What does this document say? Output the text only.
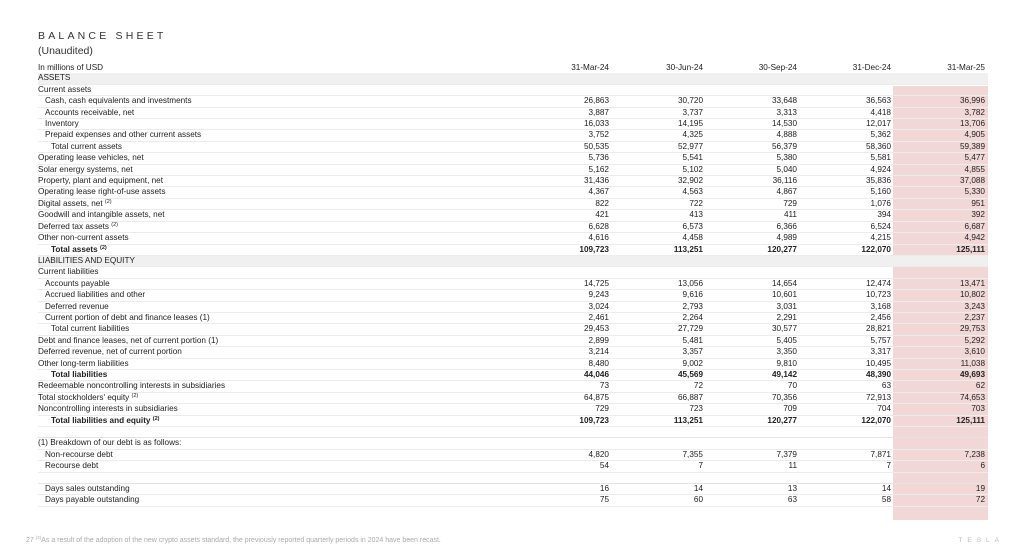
BALANCE SHEET
(Unaudited)
In millions of USD	31-Mar-24	30-Jun-24	30-Sep-24	31-Dec-24	31-Mar-25
ASSETS					
Current assets					
Cash, cash equivalents and investments	26,863	30,720	33,648	36,563	36,996
Accounts receivable, net	3,887	3,737	3,313	4,418	3,782
Inventory	16,033	14,195	14,530	12,017	13,706
Prepaid expenses and other current assets	3,752	4,325	4,888	5,362	4,905
Total current assets	50,535	52,977	56,379	58,360	59,389
Operating lease vehicles, net	5,736	5,541	5,380	5,581	5,477
Solar energy systems, net	5,162	5,102	5,040	4,924	4,855
Property, plant and equipment, net	31,436	32,902	36,116	35,836	37,088
Operating lease right-of-use assets	4,367	4,563	4,867	5,160	5,330
Digital assets, net $^{(2)}$	822	722	729	1,076	951
Goodwill and intangible assets, net	421	413	411	394	392
Deferred tax assets $^{(2)}$	6,628	6,573	6,366	6,524	6,687
Other non-current assets	4,616	4,458	4,989	4,215	4,942
Total assets $^{(2)}$	109,723	113,251	120,277	122,070	125,111
LIABILITIES AND EQUITY					
Current liabilities					
Accounts payable	14,725	13,056	14,654	12,474	13,471
Accrued liabilities and other	9,243	9,616	10,601	10,723	10,802
Deferred revenue	3,024	2,793	3,031	3,168	3,243
Current portion of debt and finance leases (1)	2,461	2,264	2,291	2,456	2,237
Total current liabilities	29,453	27,729	30,577	28,821	29,753
Debt and finance leases, net of current portion (1)	2,899	5,481	5,405	5,757	5,292
Deferred revenue, net of current portion	3,214	3,357	3,350	3,317	3,610
Other long-term liabilities	8,480	9,002	9,810	10,495	11,038
Total liabilities	44,046	45,569	49,142	48,390	49,693
Redeemable noncontrolling interests in subsidiaries	73	72	70	63	62
Total stockholders' equity $^{(2)}$	64,875	66,887	70,356	72,913	74,653
Noncontrolling interests in subsidiaries	729	723	709	704	703
Total liabilities and equity $^{(2)}$	109,723	113,251	120,277	122,070	125,111

(1) Breakdown of our debt is as follows:					
Non-recourse debt	4,820	7,355	7,379	7,871	7,238
Recourse debt	54	7	11	7	6

Days sales outstanding	16	14	13	14	19
Days payable outstanding	75	60	63	58	72
27 $^{(2)}$As a result of the adoption of the new crypto assets standard, the previously reported quarterly periods in 2024 have been recast.	TESLA
